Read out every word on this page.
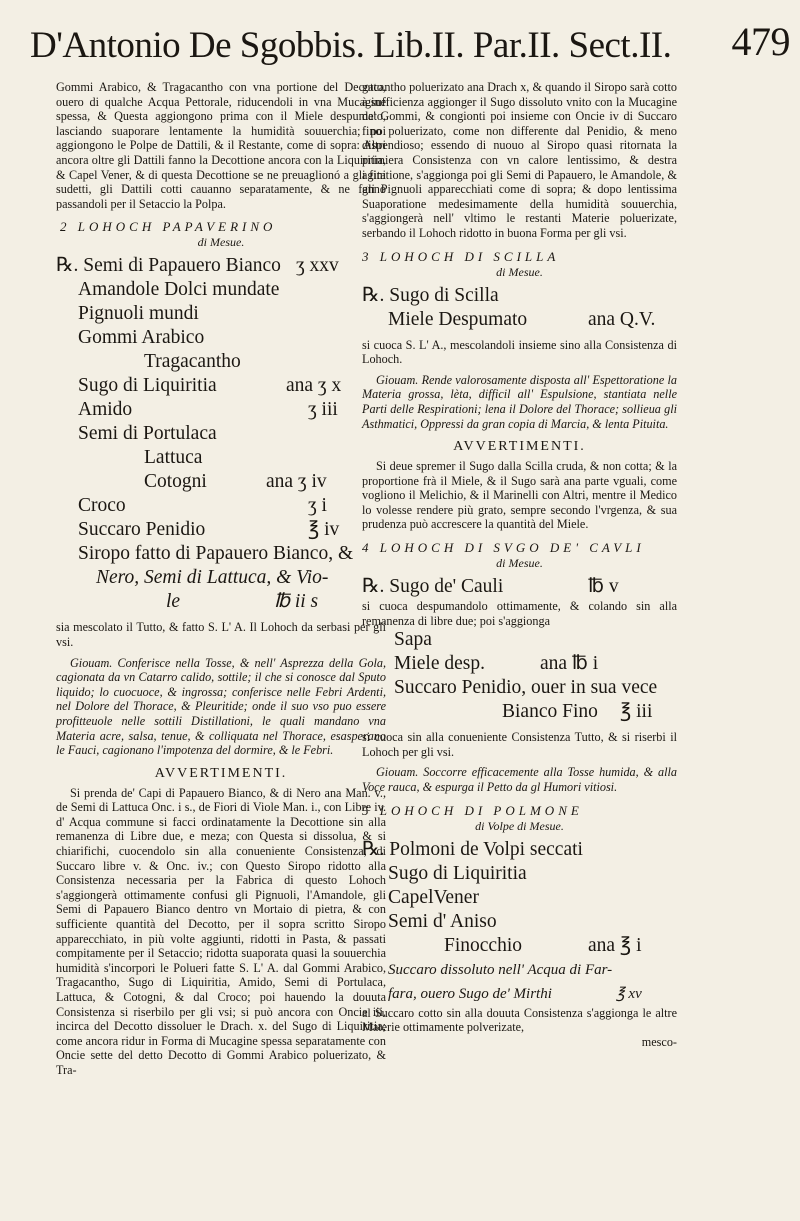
D'Antonio De Sgobbis. Lib.II. Par.II. Sect.II. 479

Gommi Arabico, & Tragacantho con vna portione del Decotto, ouero di qualche Acqua Pettorale, riducendoli in vna Mucagine spessa, & Questa aggiongono prima con il Miele despumato, lasciando suaporare lentamente la humidità souuerchia; poi aggiongono le Polpe de Dattili, & il Restante, come di sopra: Altri ancora oltre gli Dattili fanno la Decottione ancora con la Liquiritia, & Capel Vener, & di questa Decottione se ne preuaglionó a gli fini sudetti, gli Dattili cotti cauanno separatamente, & ne fanno passandoli per il Setaccio la Polpa.

2 LOHOCH PAPAVERINO
di Mesue.
℞. Semi di Papauero Bianco ʒ xxv
Amandole Dolci mundate
Pignuoli mundi
Gommi Arabico
Tragacantho
Sugo di Liquiritia	ana ʒ x
Amido	ʒ iii
Semi di Portulaca
Lattuca
Cotogni	ana ʒ iv
Croco	ʒ i
Succaro Penidio	℥ iv
Siropo fatto di Papauero Bianco, &
Nero, Semi di Lattuca, & Vio-
le	℔ ii s

sia mescolato il Tutto, & fatto S. L' A. Il Lohoch da serbasi per gli vsi.

Giouam. Conferisce nella Tosse, & nell' Asprezza della Gola, cagionata da vn Catarro calido, sottile; il che si conosce dal Sputo liquido; lo cuocuoce, & ingrossa; conferisce nelle Febri Ardenti, nel Dolore del Thorace, & Pleuritide; onde il suo vso puo essere profitteuole nelle sottili Distillationi, le quali mandano vna Materia acre, salsa, tenue, & colliquata nel Thorace, esasperano le Fauci, cagionano l'impotenza del dormire, & le Febri.

AVVERTIMENTI.

Si prenda de' Capi di Papauero Bianco, & di Nero ana Man. v., de Semi di Lattuca Onc. i s., de Fiori di Viole Man. i., con Libre iv. d' Acqua commune si facci ordinatamente la Decottione sin alla remanenza di Libre due, e meza; con Questa si dissolua, & si chiarifichi, cuocendolo sin alla conueniente Consistenza, di Succaro libre v. & Onc. iv.; con Questo Siropo ridotto alla Consistenza necessaria per la Fabrica di questo Lohoch s'aggiongerà ottimamente confusi gli Pignuoli, l'Amandole, gli Semi di Papauero Bianco dentro vn Mortaio di pietra, & con sufficiente quantità del Decotto, per il sopra scritto Siropo apparecchiato, in più volte aggiunti, ridotti in Pasta, & passati compitamente per il Setaccio; ridotta suaporata quasi la souuerchia humidità s'incorpori le Polueri fatte S. L' A. dal Gommi Arabico, Tragacantho, Sugo di Liquiritia, Amido, Semi di Portulaca, Lattuca, & Cotogni, & dal Croco; poi hauendo la douuta Consistenza si riserbilo per gli vsi; si può ancora con Oncie iii. incirca del Decotto dissoluer le Drach. x. del Sugo di Liquiritia; come ancora ridur in Forma di Mucagine spessa separatamente con Oncie sette del detto Decotto di Gommi Arabico poluerizato, & Tra-

gacantho poluerizato ana Drach x, & quando il Siropo sarà cotto à sufficienza aggionger il Sugo dissoluto vnito con la Mucagine de' Gommi, & congionti poi insieme con Oncie iv di Succaro fino poluerizato, come non differente dal Penidio, & meno dispendioso; essendo di nuouo al Siropo quasi ritornata la primiera Consistenza con vn calore lentissimo, & destra agitatione, s'aggionga poi gli Semi di Papauero, le Amandole, & gli Pignuoli apparecchiati come di sopra; & dopo lentissima Suaporatione medesimamente della humidità souuerchia, s'aggiongerà nell' vltimo le restanti Materie poluerizate, serbando il Lohoch ridotto in buona Forma per gli vsi.

3 LOHOCH DI SCILLA
di Mesue.
℞. Sugo di Scilla
Miele Despumato	ana Q.V.

si cuoca S. L' A., mescolandoli insieme sino alla Consistenza di Lohoch.

Giouam. Rende valorosamente disposta all' Espettoratione la Materia grossa, lèta, difficil all' Espulsione, stantiata nelle Parti delle Respirationi; lena il Dolore del Thorace; sollieua gli Asthmatici, Oppressi da gran copia di Marcia, & lenta Pituita.

AVVERTIMENTI.

Si deue spremer il Sugo dalla Scilla cruda, & non cotta; & la proportione frà il Miele, & il Sugo sarà ana parte vguali, come vogliono il Melichio, & il Marinelli con Altri, mentre il Medico lo volesse rendere più grato, sempre secondo l'vrgenza, & sua prudenza può accrescere la quantità del Miele.

4 LOHOCH DI SVGO DE' CAVLI
di Mesue.
℞. Sugo de' Cauli	℔ v

si cuoca despumandolo ottimamente, & colando sin alla remanenza di libre due; poi s'aggionga

Sapa
Miele desp.	ana ℔ i
Succaro Penidio, ouer in sua vece
Bianco Fino ℥ iii

si cuoca sin alla conueniente Consistenza Tutto, & si riserbi il Lohoch per gli vsi.

Giouam. Soccorre efficacemente alla Tosse humida, & alla Voce rauca, & espurga il Petto da gl Humori vitiosi.

5 LOHOCH DI POLMONE
di Volpe di Mesue.
℞. Polmoni de Volpi seccati
Sugo di Liquiritia
CapelVener
Semi d' Aniso
Finocchio	ana ℥ i
Succaro dissoluto nell' Acqua di Far-
fara, ouero Sugo de' Mirthi	℥ xv

al Succaro cotto sin alla douuta Consistenza s'aggionga le altre Materie ottimamente polverizate,

mesco-
